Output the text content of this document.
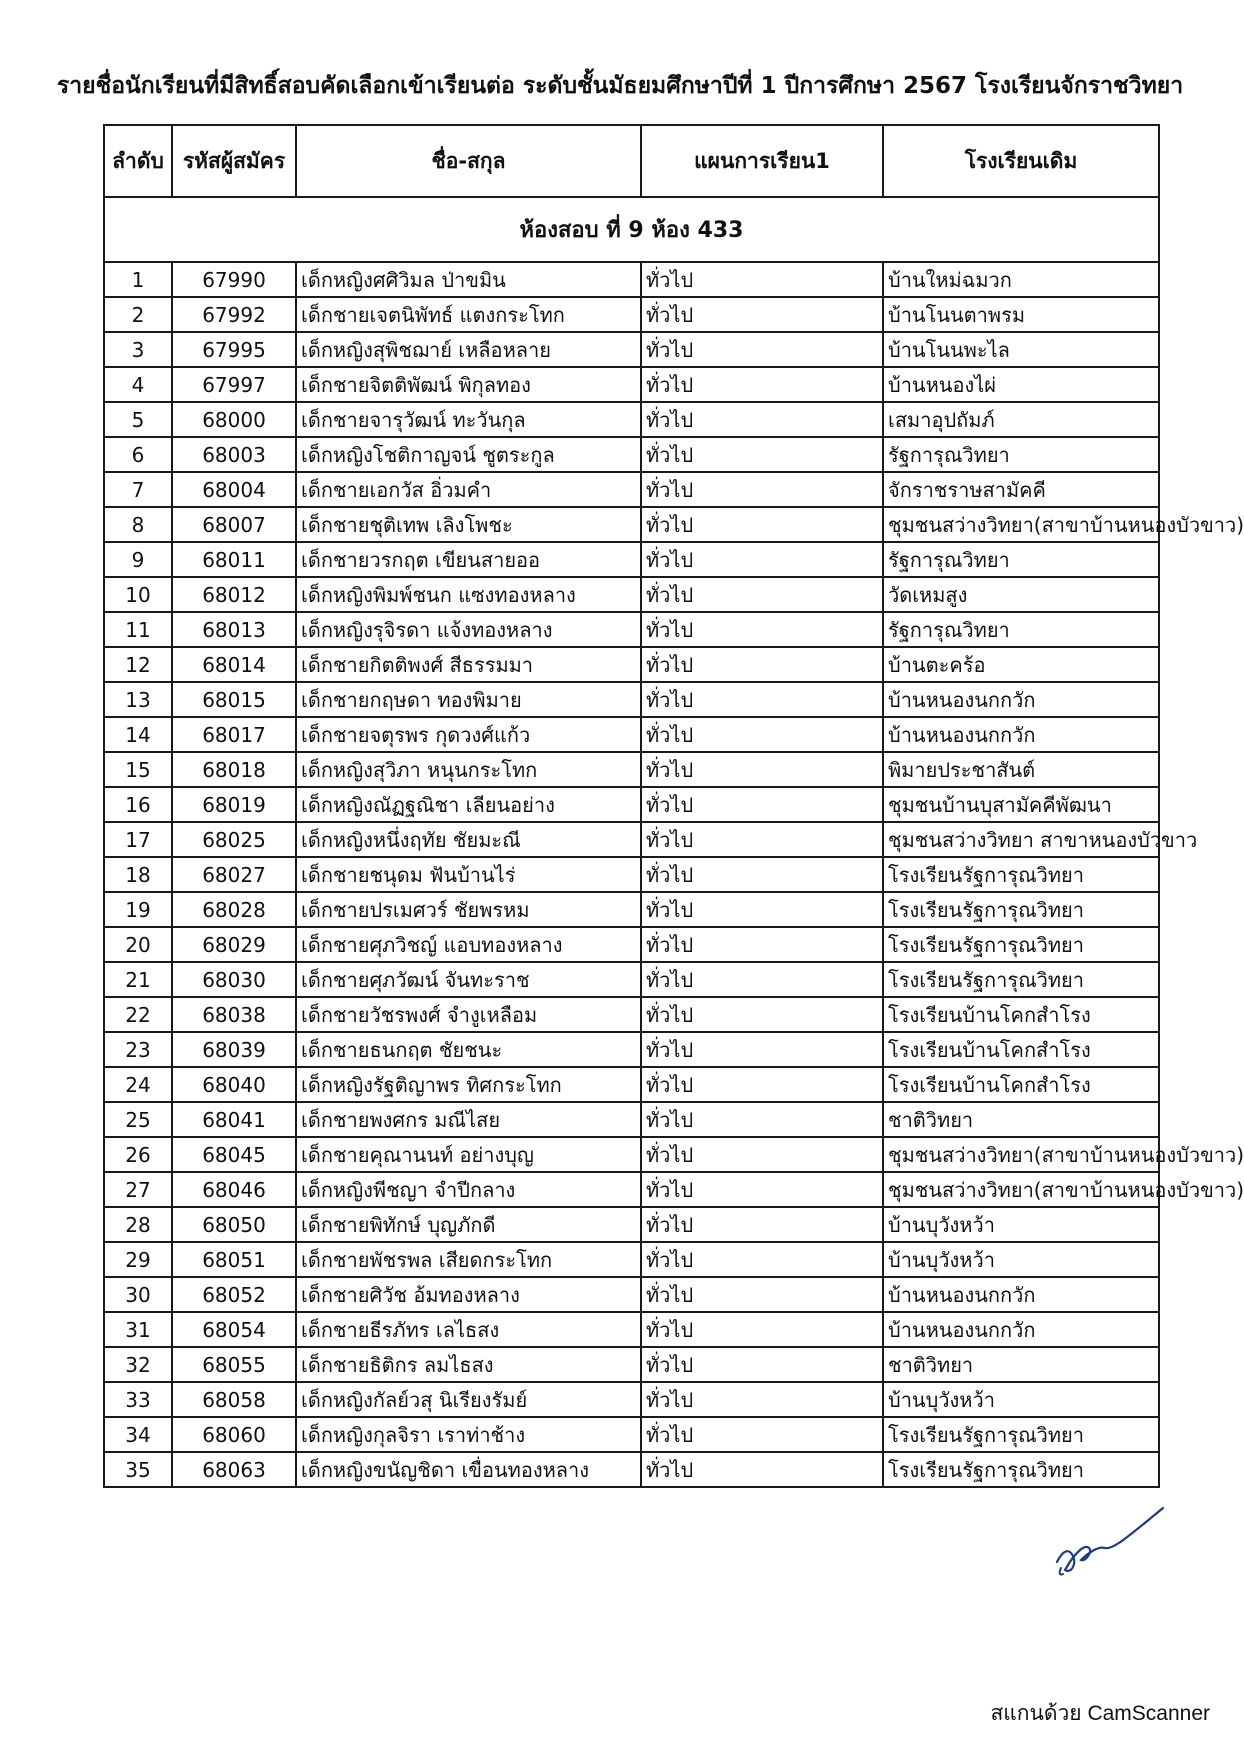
รายชื่อนักเรียนที่มีสิทธิ์สอบคัดเลือกเข้าเรียนต่อ ระดับชั้นมัธยมศึกษาปีที่ 1 ปีการศึกษา 2567 โรงเรียนจักราชวิทยา
ลำดับ	รหัสผู้สมัคร	ชื่อ-สกุล	แผนการเรียน1	โรงเรียนเดิม
ห้องสอบ ที่ 9 ห้อง 433				
1	67990	เด็กหญิงศศิวิมล ป่าขมิน	ทั่วไป	บ้านใหม่ฉมวก
2	67992	เด็กชายเจตนิพัทธ์ แตงกระโทก	ทั่วไป	บ้านโนนตาพรม
3	67995	เด็กหญิงสุพิชฌาย์ เหลือหลาย	ทั่วไป	บ้านโนนพะไล
4	67997	เด็กชายจิตติพัฒน์ พิกุลทอง	ทั่วไป	บ้านหนองไผ่
5	68000	เด็กชายจารุวัฒน์ ทะวันกุล	ทั่วไป	เสมาอุปถัมภ์
6	68003	เด็กหญิงโชติกาญจน์ ชูตระกูล	ทั่วไป	รัฐการุณวิทยา
7	68004	เด็กชายเอกวัส อิ่วมคำ	ทั่วไป	จักราชราษสามัคคี
8	68007	เด็กชายชุติเทพ เลิงโพชะ	ทั่วไป	ชุมชนสว่างวิทยา(สาขาบ้านหนองบัวขาว)
9	68011	เด็กชายวรกฤต เขียนสายออ	ทั่วไป	รัฐการุณวิทยา
10	68012	เด็กหญิงพิมพ์ชนก แซงทองหลาง	ทั่วไป	วัดเหมสูง
11	68013	เด็กหญิงรุจิรดา แจ้งทองหลาง	ทั่วไป	รัฐการุณวิทยา
12	68014	เด็กชายกิตติพงศ์ สีธรรมมา	ทั่วไป	บ้านตะคร้อ
13	68015	เด็กชายกฤษดา ทองพิมาย	ทั่วไป	บ้านหนองนกกวัก
14	68017	เด็กชายจตุรพร กุดวงศ์แก้ว	ทั่วไป	บ้านหนองนกกวัก
15	68018	เด็กหญิงสุวิภา หนุนกระโทก	ทั่วไป	พิมายประชาสันต์
16	68019	เด็กหญิงณัฏฐณิชา เลียนอย่าง	ทั่วไป	ชุมชนบ้านบุสามัคคีพัฒนา
17	68025	เด็กหญิงหนึ่งฤทัย ชัยมะณี	ทั่วไป	ชุมชนสว่างวิทยา สาขาหนองบัวขาว
18	68027	เด็กชายชนุดม ฟันบ้านไร่	ทั่วไป	โรงเรียนรัฐการุณวิทยา
19	68028	เด็กชายปรเมศวร์ ชัยพรหม	ทั่วไป	โรงเรียนรัฐการุณวิทยา
20	68029	เด็กชายศุภวิชญ์ แอบทองหลาง	ทั่วไป	โรงเรียนรัฐการุณวิทยา
21	68030	เด็กชายศุภวัฒน์ จันทะราช	ทั่วไป	โรงเรียนรัฐการุณวิทยา
22	68038	เด็กชายวัชรพงศ์ จำงูเหลือม	ทั่วไป	โรงเรียนบ้านโคกสำโรง
23	68039	เด็กชายธนกฤต ชัยชนะ	ทั่วไป	โรงเรียนบ้านโคกสำโรง
24	68040	เด็กหญิงรัฐติญาพร ทิศกระโทก	ทั่วไป	โรงเรียนบ้านโคกสำโรง
25	68041	เด็กชายพงศกร มณีไสย	ทั่วไป	ชาติวิทยา
26	68045	เด็กชายคุณานนท์ อย่างบุญ	ทั่วไป	ชุมชนสว่างวิทยา(สาขาบ้านหนองบัวขาว)
27	68046	เด็กหญิงพีชญา จำปีกลาง	ทั่วไป	ชุมชนสว่างวิทยา(สาขาบ้านหนองบัวขาว)
28	68050	เด็กชายพิทักษ์ บุญภักดี	ทั่วไป	บ้านบุวังหว้า
29	68051	เด็กชายพัชรพล เสียดกระโทก	ทั่วไป	บ้านบุวังหว้า
30	68052	เด็กชายศิวัช อ้มทองหลาง	ทั่วไป	บ้านหนองนกกวัก
31	68054	เด็กชายธีรภัทร เลไธสง	ทั่วไป	บ้านหนองนกกวัก
32	68055	เด็กชายธิติกร ลมไธสง	ทั่วไป	ชาติวิทยา
33	68058	เด็กหญิงกัลย์วสุ นิเรียงรัมย์	ทั่วไป	บ้านบุวังหว้า
34	68060	เด็กหญิงกุลจิรา เราท่าช้าง	ทั่วไป	โรงเรียนรัฐการุณวิทยา
35	68063	เด็กหญิงขนัญชิดา เขื่อนทองหลาง	ทั่วไป	โรงเรียนรัฐการุณวิทยา
สแกนด้วย CamScanner
